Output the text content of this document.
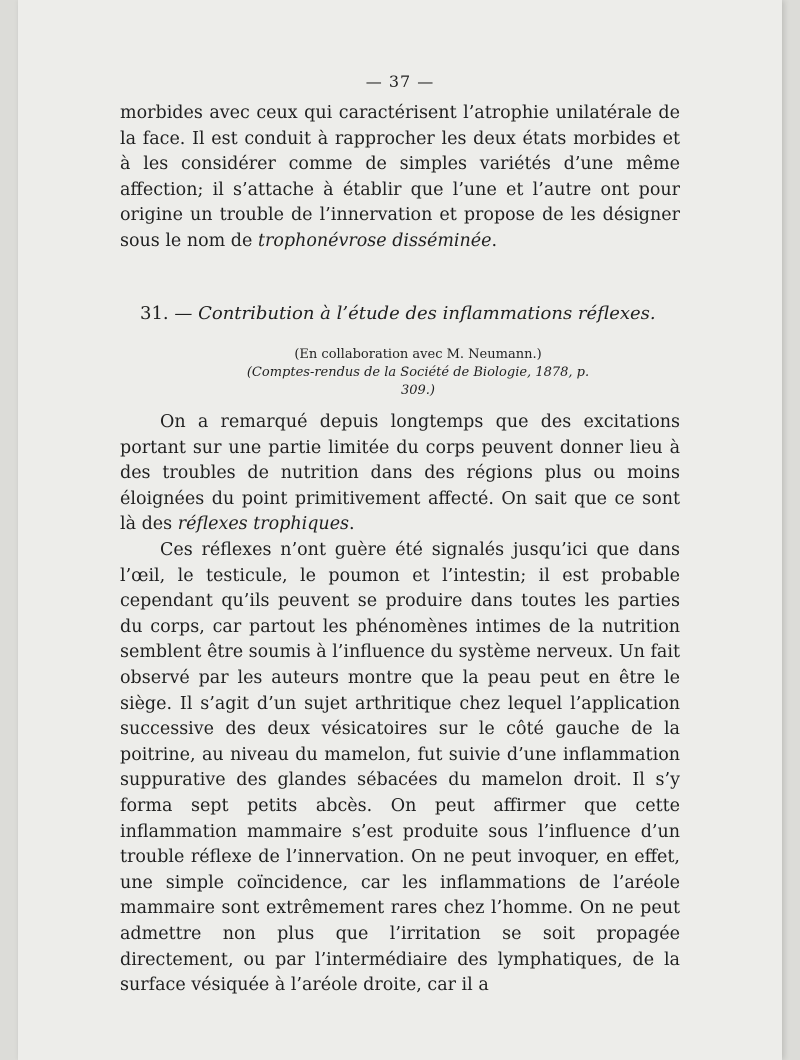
— 37 —
morbides avec ceux qui caractérisent l’atrophie unilatérale de la face. Il est conduit à rapprocher les deux états morbides et à les considérer comme de simples variétés d’une même affection; il s’attache à établir que l’une et l’autre ont pour origine un trouble de l’innervation et propose de les désigner sous le nom de trophonévrose disséminée.
31. — Contribution à l’étude des inflammations réflexes.
(En collaboration avec M. Neumann.)
(Comptes-rendus de la Société de Biologie, 1878, p. 309.)
On a remarqué depuis longtemps que des excitations portant sur une partie limitée du corps peuvent donner lieu à des troubles de nutrition dans des régions plus ou moins éloignées du point primitivement affecté. On sait que ce sont là des réflexes trophiques.
Ces réflexes n’ont guère été signalés jusqu’ici que dans l’œil, le testicule, le poumon et l’intestin; il est probable cependant qu’ils peuvent se produire dans toutes les parties du corps, car partout les phénomènes intimes de la nutrition semblent être soumis à l’influence du système nerveux. Un fait observé par les auteurs montre que la peau peut en être le siège. Il s’agit d’un sujet arthritique chez lequel l’application successive des deux vésicatoires sur le côté gauche de la poitrine, au niveau du mamelon, fut suivie d’une inflammation suppurative des glandes sébacées du mamelon droit. Il s’y forma sept petits abcès. On peut affirmer que cette inflammation mammaire s’est produite sous l’influence d’un trouble réflexe de l’innervation. On ne peut invoquer, en effet, une simple coïncidence, car les inflammations de l’aréole mammaire sont extrêmement rares chez l’homme. On ne peut admettre non plus que l’irritation se soit propagée directement, ou par l’intermédiaire des lymphatiques, de la surface vésiquée à l’aréole droite, car il a
